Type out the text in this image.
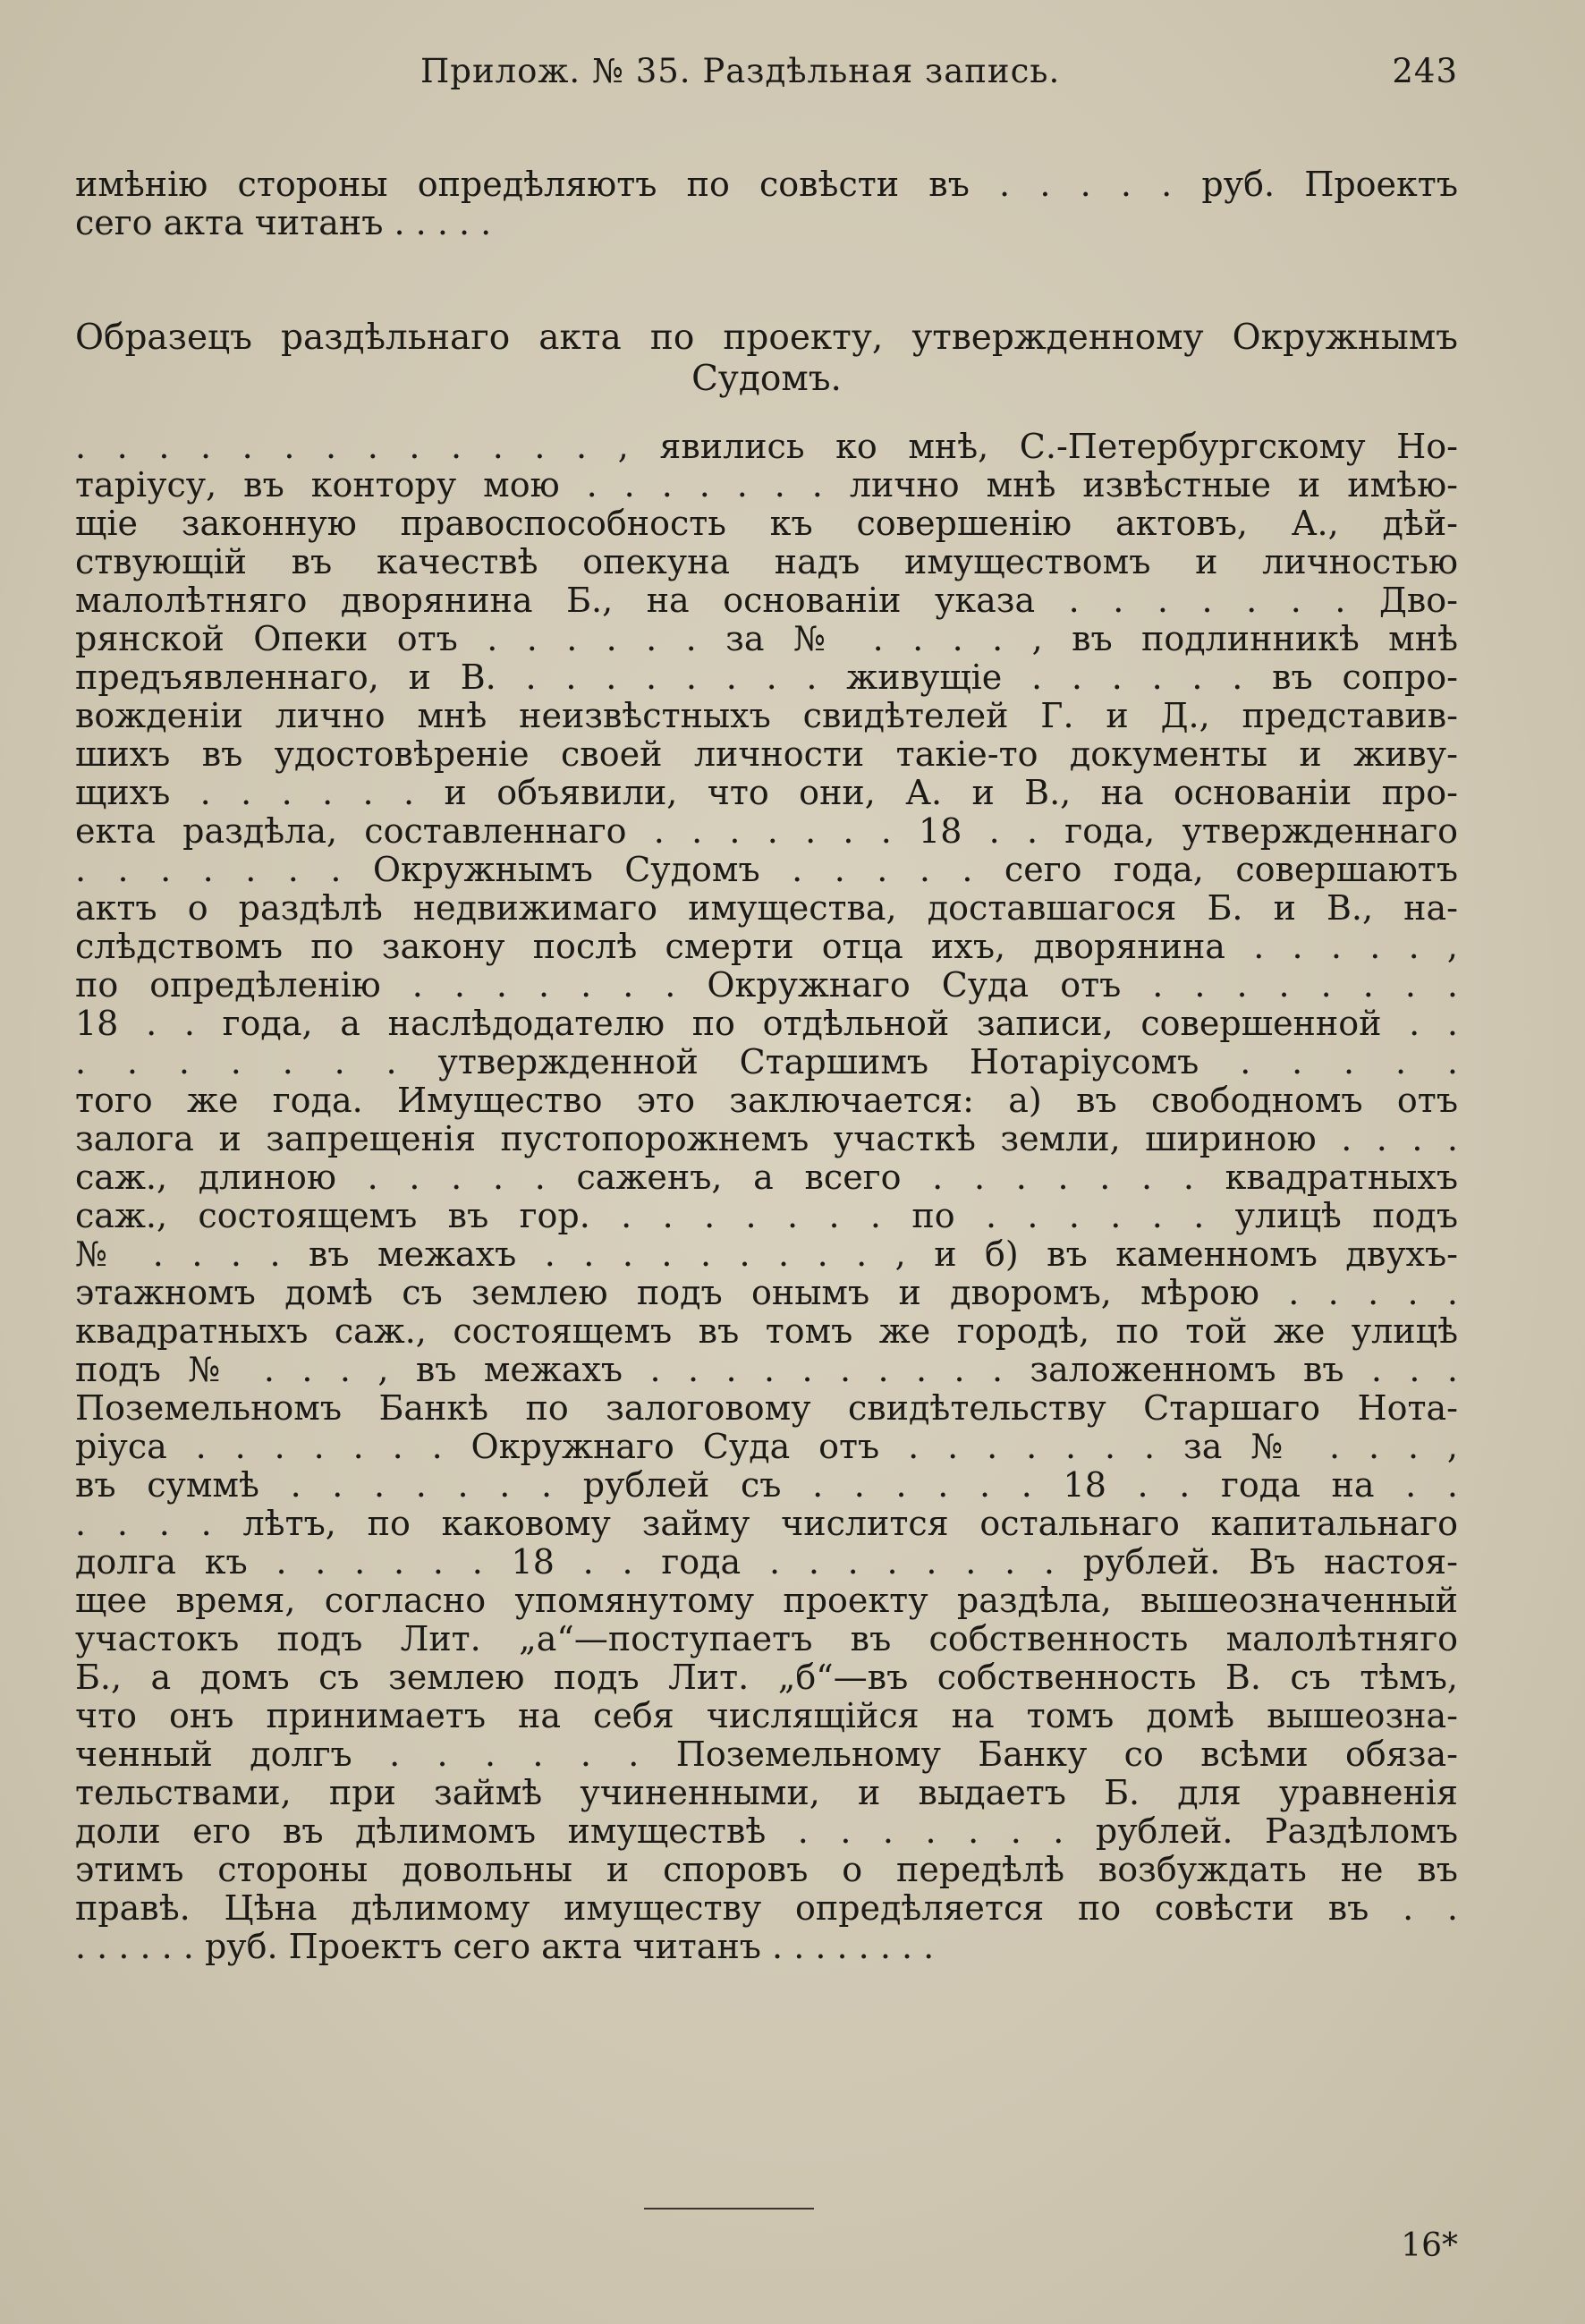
Прилож. № 35. Раздѣльная запись.	243
имѣнію стороны опредѣляютъ по совѣсти въ . . . . . руб. Проектъ
сего акта читанъ . . . . .
Образецъ раздѣльнаго акта по проекту, утвержденному Окружнымъ
Судомъ.
. . . . . . . . . . . . . , явились ко мнѣ, С.-Петербургскому Но-
таріусу, въ контору мою . . . . . . . лично мнѣ извѣстные и имѣю-
щіе законную правоспособность къ совершенію актовъ, А., дѣй-
ствующій въ качествѣ опекуна надъ имуществомъ и личностью
малолѣтняго дворянина Б., на основаніи указа . . . . . . . Дво-
рянской Опеки отъ . . . . . . за № . . . . , въ подлинникѣ мнѣ
предъявленнаго, и В. . . . . . . . . живущіе . . . . . . въ сопро-
вожденіи лично мнѣ неизвѣстныхъ свидѣтелей Г. и Д., представив-
шихъ въ удостовѣреніе своей личности такіе-то документы и живу-
щихъ . . . . . . и объявили, что они, А. и В., на основаніи про-
екта раздѣла, составленнаго . . . . . . . 18 . . года, утвержденнаго
. . . . . . . Окружнымъ Судомъ . . . . . сего года, совершаютъ
актъ о раздѣлѣ недвижимаго имущества, доставшагося Б. и В., на-
слѣдствомъ по закону послѣ смерти отца ихъ, дворянина . . . . . ,
по опредѣленію . . . . . . . Окружнаго Суда отъ . . . . . . . .
18 . . года, а наслѣдодателю по отдѣльной записи, совершенной . .
. . . . . . . утвержденной Старшимъ Нотаріусомъ . . . . .
того же года. Имущество это заключается: а) въ свободномъ отъ
залога и запрещенія пустопорожнемъ участкѣ земли, шириною . . . .
саж., длиною . . . . . саженъ, а всего . . . . . . . квадратныхъ
саж., состоящемъ въ гор. . . . . . . . по . . . . . . улицѣ подъ
№ . . . . въ межахъ . . . . . . . . . , и б) въ каменномъ двухъ-
этажномъ домѣ съ землею подъ онымъ и дворомъ, мѣрою . . . . .
квадратныхъ саж., состоящемъ въ томъ же городѣ, по той же улицѣ
подъ № . . . , въ межахъ . . . . . . . . . . заложенномъ въ . . .
Поземельномъ Банкѣ по залоговому свидѣтельству Старшаго Нота-
ріуса . . . . . . . Окружнаго Суда отъ . . . . . . . за № . . . ,
въ суммѣ . . . . . . . рублей съ . . . . . . 18 . . года на . .
. . . . лѣтъ, по каковому займу числится остальнаго капитальнаго
долга къ . . . . . . 18 . . года . . . . . . . . рублей. Въ настоя-
щее время, согласно упомянутому проекту раздѣла, вышеозначенный
участокъ подъ Лит. „а“—поступаетъ въ собственность малолѣтняго
Б., а домъ съ землею подъ Лит. „б“—въ собственность В. съ тѣмъ,
что онъ принимаетъ на себя числящійся на томъ домѣ вышеозна-
ченный долгъ . . . . . . Поземельному Банку со всѣми обяза-
тельствами, при займѣ учиненными, и выдаетъ Б. для уравненія
доли его въ дѣлимомъ имуществѣ . . . . . . . рублей. Раздѣломъ
этимъ стороны довольны и споровъ о передѣлѣ возбуждать не въ
правѣ. Цѣна дѣлимому имуществу опредѣляется по совѣсти въ . .
. . . . . . руб. Проектъ сего акта читанъ . . . . . . . .
16*
